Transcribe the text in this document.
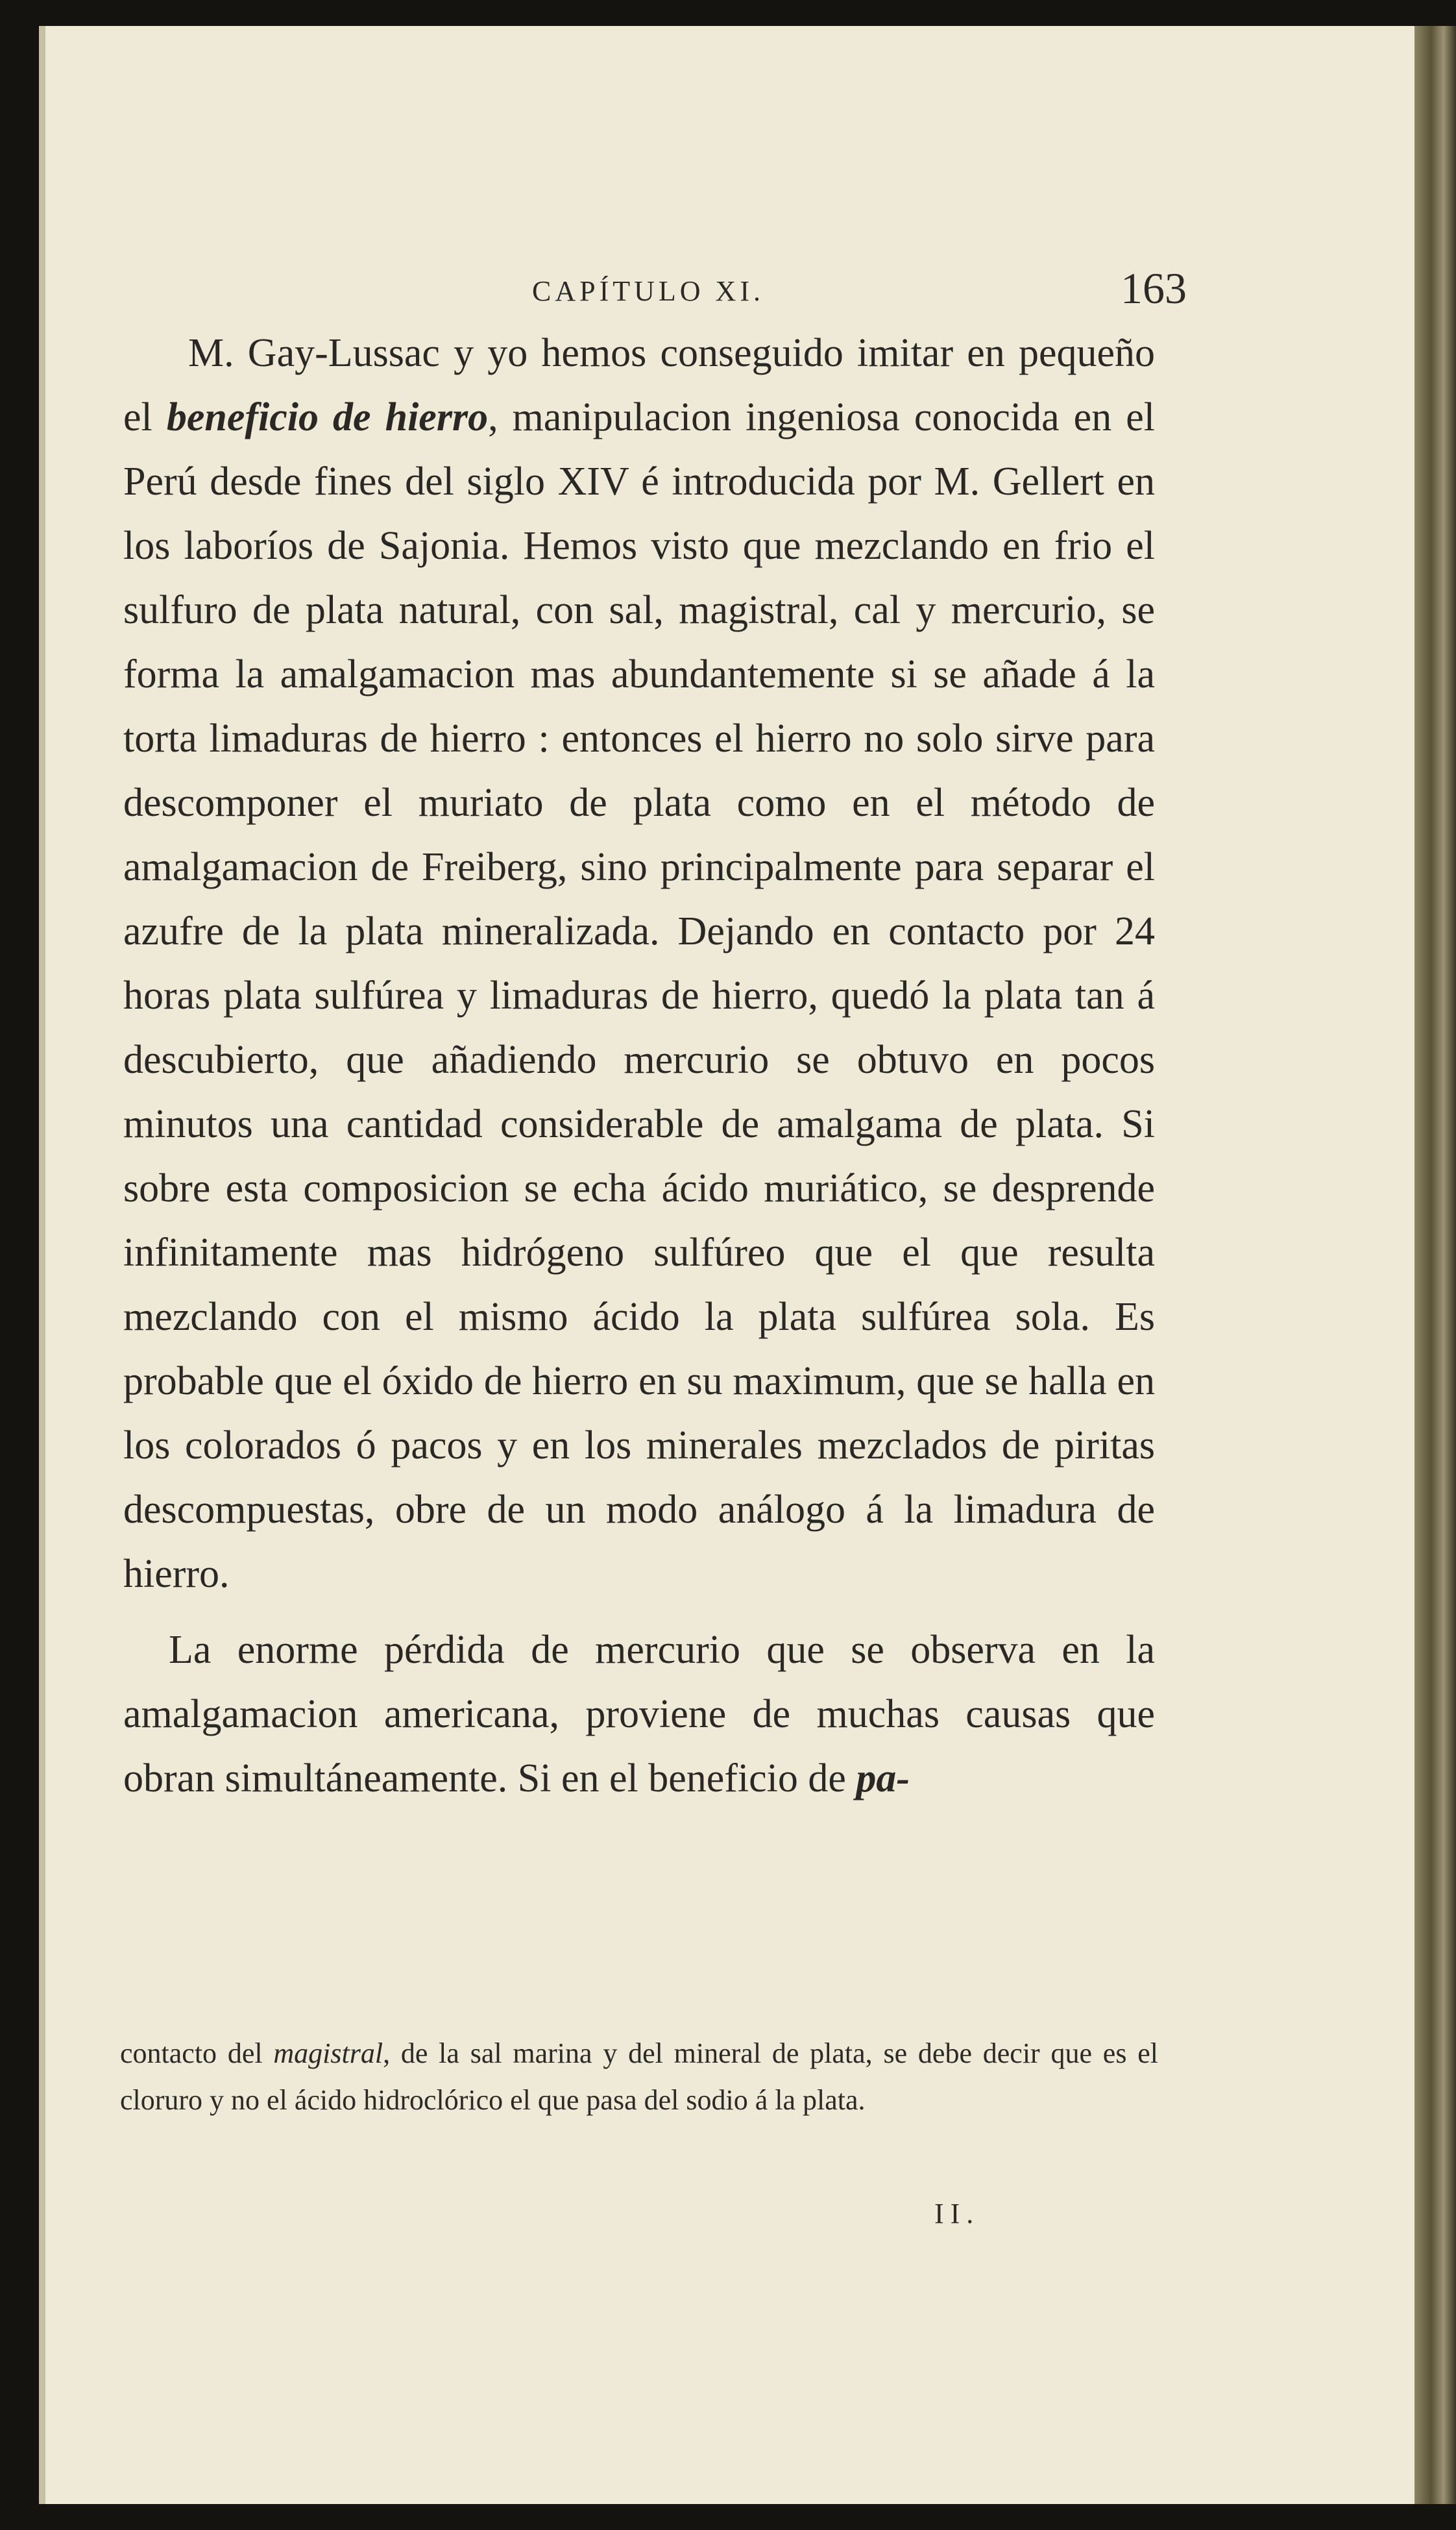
CAPÍTULO XI.	163

M. Gay-Lussac y yo hemos conseguido imitar en pequeño el beneficio de hierro, manipulacion ingeniosa conocida en el Perú desde fines del siglo XIV é introducida por M. Gellert en los laboríos de Sajonia. Hemos visto que mezclando en frio el sulfuro de plata natural, con sal, magistral, cal y mercurio, se forma la amalgamacion mas abundantemente si se añade á la torta limaduras de hierro : entonces el hierro no solo sirve para descomponer el muriato de plata como en el método de amalgamacion de Freiberg, sino principalmente para separar el azufre de la plata mineralizada. Dejando en contacto por 24 horas plata sulfúrea y limaduras de hierro, quedó la plata tan á descubierto, que añadiendo mercurio se obtuvo en pocos minutos una cantidad considerable de amalgama de plata. Si sobre esta composicion se echa ácido muriático, se desprende infinitamente mas hidrógeno sulfúreo que el que resulta mezclando con el mismo ácido la plata sulfúrea sola. Es probable que el óxido de hierro en su maximum, que se halla en los colorados ó pacos y en los minerales mezclados de piritas descompuestas, obre de un modo análogo á la limadura de hierro.

La enorme pérdida de mercurio que se observa en la amalgamacion americana, proviene de muchas causas que obran simultáneamente. Si en el beneficio de pa-

contacto del magistral, de la sal marina y del mineral de plata, se debe decir que es el cloruro y no el ácido hidroclórico el que pasa del sodio á la plata.

II.
